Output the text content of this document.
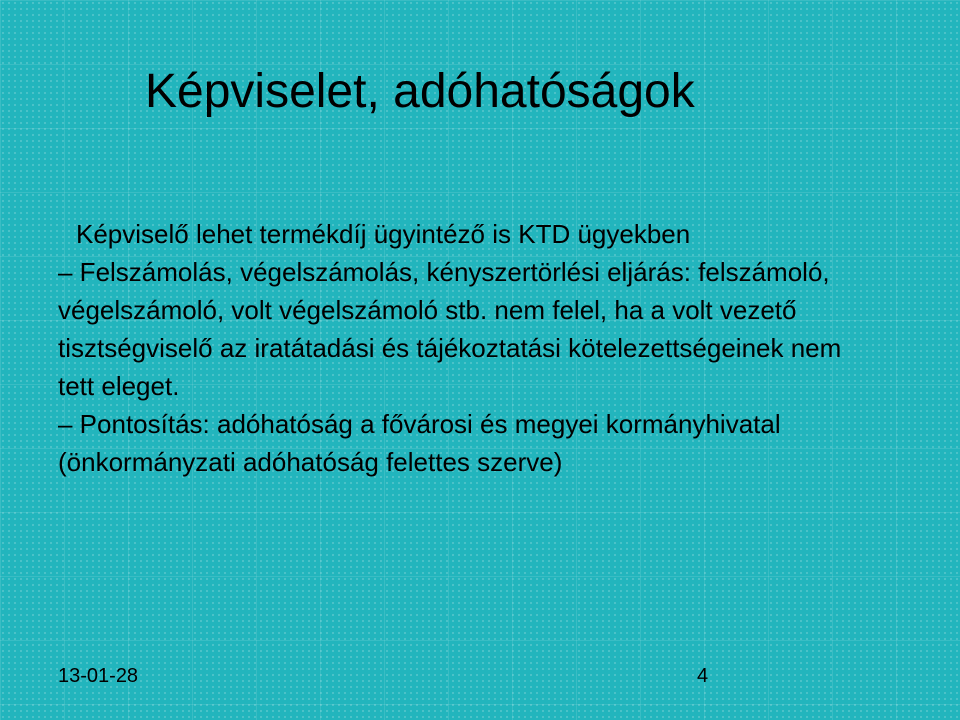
Képviselet, adóhatóságok
Képviselő lehet termékdíj ügyintéző is KTD ügyekben
– Felszámolás, végelszámolás, kényszertörlési eljárás: felszámoló, végelszámoló, volt végelszámoló stb. nem felel, ha a volt vezető tisztségviselő az iratátadási és tájékoztatási kötelezettségeinek nem tett eleget.
– Pontosítás: adóhatóság a fővárosi és megyei kormányhivatal (önkormányzati adóhatóság felettes szerve)
13-01-28	4
